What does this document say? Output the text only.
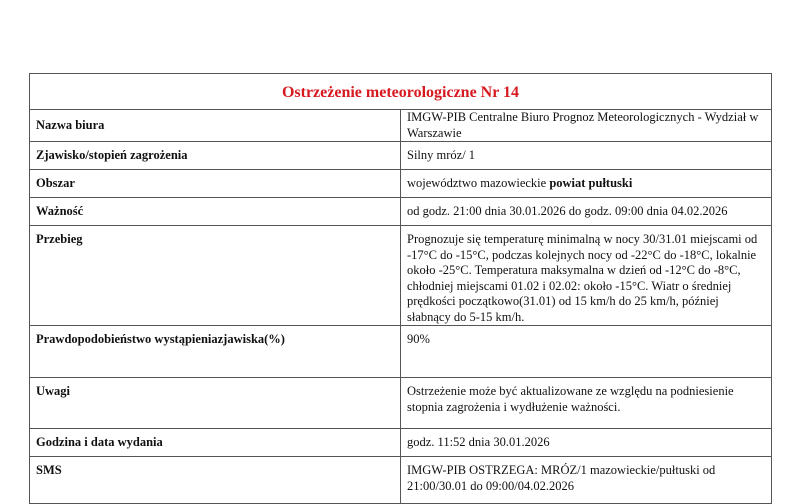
Ostrzeżenie meteorologiczne Nr 14	
Nazwa biura	IMGW-PIB Centralne Biuro Prognoz Meteorologicznych - Wydział w Warszawie
Zjawisko/stopień zagrożenia	Silny mróz/ 1
Obszar	województwo mazowieckie powiat pułtuski
Ważność	od godz. 21:00 dnia 30.01.2026 do godz. 09:00 dnia 04.02.2026
Przebieg	Prognozuje się temperaturę minimalną w nocy 30/31.01 miejscami od -17°C do -15°C, podczas kolejnych nocy od -22°C do -18°C, lokalnie około -25°C. Temperatura maksymalna w dzień od -12°C do -8°C, chłodniej miejscami 01.02 i 02.02: około -15°C. Wiatr o średniej prędkości początkowo(31.01) od 15 km/h do 25 km/h, później słabnący do 5-15 km/h.
Prawdopodobieństwo wystąpieniazjawiska(%)	90%
Uwagi	Ostrzeżenie może być aktualizowane ze względu na podniesienie stopnia zagrożenia i wydłużenie ważności.
Godzina i data wydania	godz. 11:52 dnia 30.01.2026
SMS	IMGW-PIB OSTRZEGA: MRÓZ/1 mazowieckie/pułtuski od 21:00/30.01 do 09:00/04.02.2026
